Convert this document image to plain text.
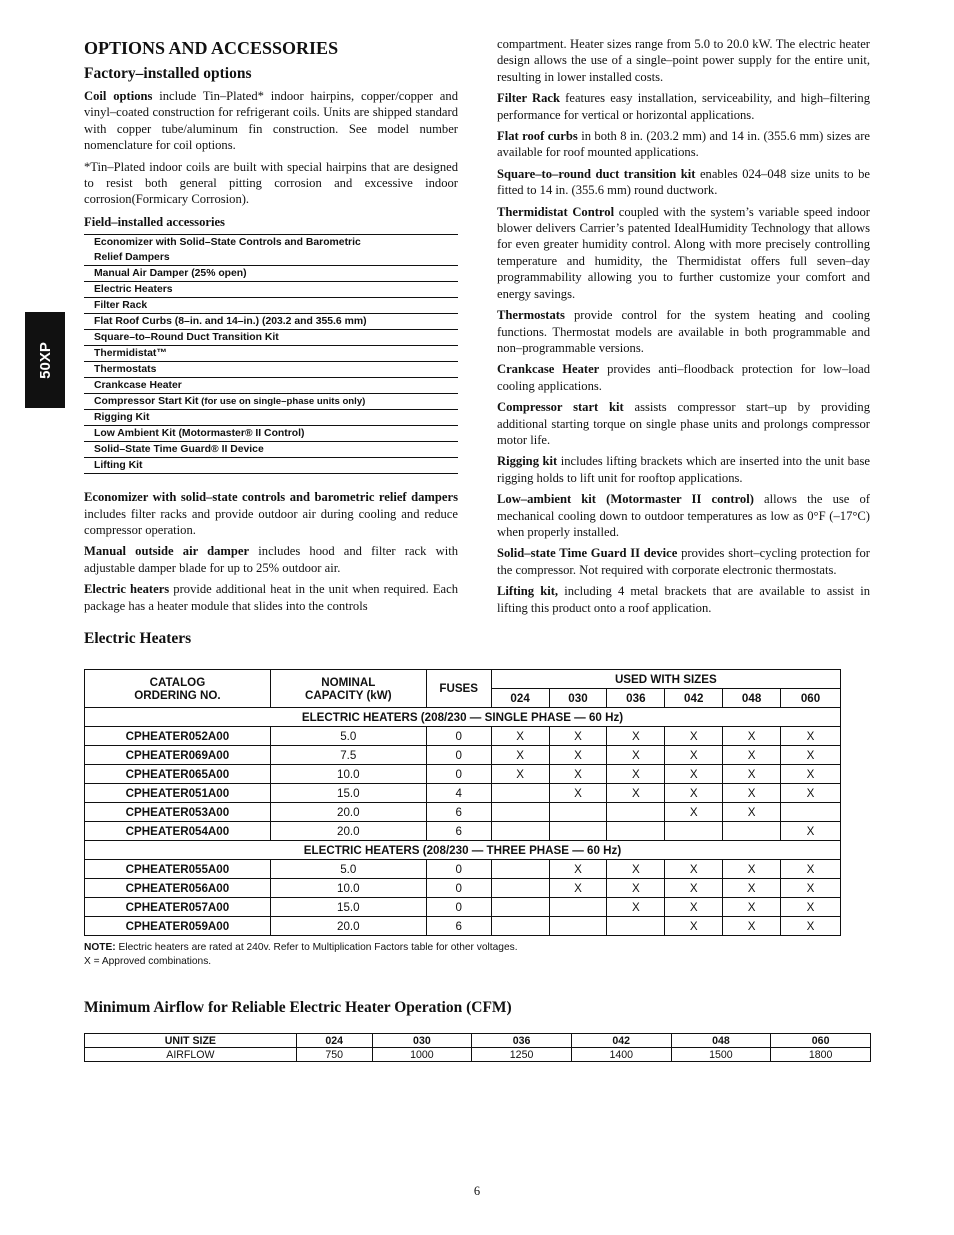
50XP
OPTIONS AND ACCESSORIES
Factory–installed options

Coil options include Tin–Plated* indoor hairpins, copper/copper and vinyl–coated construction for refrigerant coils. Units are shipped standard with copper tube/aluminum fin construction. See model number nomenclature for coil options.

*Tin–Plated indoor coils are built with special hairpins that are designed to resist both general pitting corrosion and excessive indoor corrosion(Formicary Corrosion).

Field–installed accessories
Economizer with Solid–State Controls and Barometric
Relief Dampers
Manual Air Damper (25% open)
Electric Heaters
Filter Rack
Flat Roof Curbs (8–in. and 14–in.) (203.2 and 355.6 mm)
Square–to–Round Duct Transition Kit
Thermidistat™
Thermostats
Crankcase Heater
Compressor Start Kit (for use on single–phase units only)
Rigging Kit
Low Ambient Kit (Motormaster® II Control)
Solid–State Time Guard® II Device
Lifting Kit

Economizer with solid–state controls and barometric relief dampers includes filter racks and provide outdoor air during cooling and reduce compressor operation.

Manual outside air damper includes hood and filter rack with adjustable damper blade for up to 25% outdoor air.

Electric heaters provide additional heat in the unit when required. Each package has a heater module that slides into the controls

compartment. Heater sizes range from 5.0 to 20.0 kW. The electric heater design allows the use of a single–point power supply for the entire unit, resulting in lower installed costs.

Filter Rack features easy installation, serviceability, and high–filtering performance for vertical or horizontal applications.

Flat roof curbs in both 8 in. (203.2 mm) and 14 in. (355.6 mm) sizes are available for roof mounted applications.

Square–to–round duct transition kit enables 024–048 size units to be fitted to 14 in. (355.6 mm) round ductwork.

Thermidistat Control coupled with the system’s variable speed indoor blower delivers Carrier’s patented IdealHumidity Technology that allows for even greater humidity control. Along with more precisely controlling temperature and humidity, the Thermidistat offers full seven–day programmability allowing you to further customize your comfort and energy savings.

Thermostats provide control for the system heating and cooling functions. Thermostat models are available in both programmable and non–programmable versions.

Crankcase Heater provides anti–floodback protection for low–load cooling applications.

Compressor start kit assists compressor start–up by providing additional starting torque on single phase units and prolongs compressor motor life.

Rigging kit includes lifting brackets which are inserted into the unit base rigging holds to lift unit for rooftop applications.

Low–ambient kit (Motormaster II control) allows the use of mechanical cooling down to outdoor temperatures as low as 0°F (–17°C) when properly installed.

Solid–state Time Guard II device provides short–cycling protection for the compressor. Not required with corporate electronic thermostats.

Lifting kit, including 4 metal brackets that are available to assist in lifting this product onto a roof application.

Electric Heaters
CATALOG ORDERING NO.	NOMINAL CAPACITY (kW)	FUSES	USED WITH SIZES					
			024	030	036	042	048	060
ELECTRIC HEATERS (208/230 — SINGLE PHASE — 60 Hz)								
CPHEATER052A00	5.0	0	X	X	X	X	X	X
CPHEATER069A00	7.5	0	X	X	X	X	X	X
CPHEATER065A00	10.0	0	X	X	X	X	X	X
CPHEATER051A00	15.0	4		X	X	X	X	X
CPHEATER053A00	20.0	6				X	X	
CPHEATER054A00	20.0	6						X
ELECTRIC HEATERS (208/230 — THREE PHASE — 60 Hz)								
CPHEATER055A00	5.0	0		X	X	X	X	X
CPHEATER056A00	10.0	0		X	X	X	X	X
CPHEATER057A00	15.0	0			X	X	X	X
CPHEATER059A00	20.0	6				X	X	X
NOTE: Electric heaters are rated at 240v. Refer to Multiplication Factors table for other voltages.
X = Approved combinations.
Minimum Airflow for Reliable Electric Heater Operation (CFM)
UNIT SIZE	024	030	036	042	048	060
AIRFLOW	750	1000	1250	1400	1500	1800
6
